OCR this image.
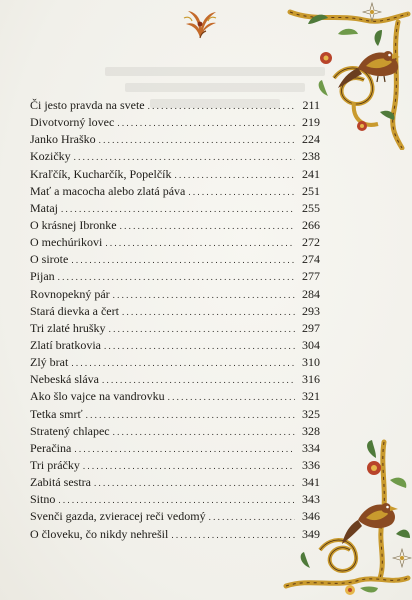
Či jesto pravda na svete . . .	211
Divotvorný lovec . . .	219
Janko Hraško . . .	224
Kozičky . . .	238
Kraľčík, Kucharčík, Popelčík . . .	241
Mať a macocha alebo zlatá páva . . .	251
Mataj . . .	255
O krásnej Ibronke . . .	266
O mechúrikovi . . .	272
O sirote . . .	274
Pijan . . .	277
Rovnopekný pár . . .	284
Stará dievka a čert . . .	293
Tri zlaté hrušky . . .	297
Zlatí bratkovia . . .	304
Zlý brat . . .	310
Nebeská sláva . . .	316
Ako šlo vajce na vandrovku . . .	321
Tetka smrť . . .	325
Stratený chlapec . . .	328
Peračina . . .	334
Tri práčky . . .	336
Zabitá sestra . . .	341
Sitno . . .	343
Svenči gazda, zvieracej reči vedomý . . .	346
O človeku, čo nikdy nehrešil . . .	349
